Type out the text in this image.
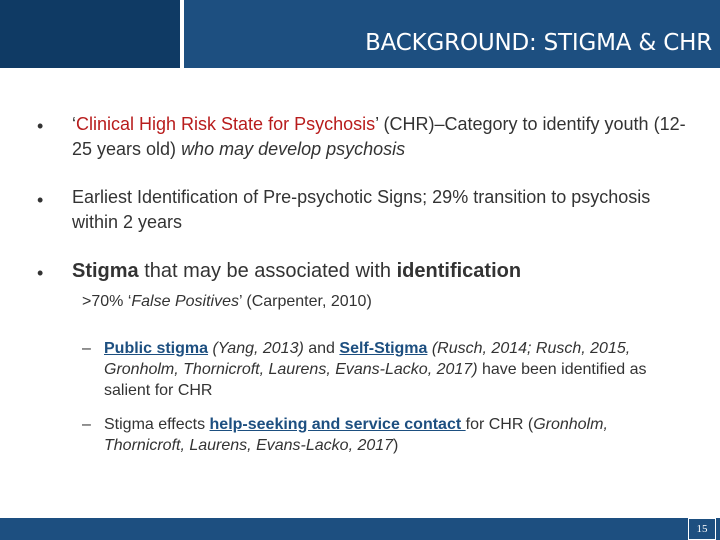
BACKGROUND: STIGMA & CHR
• ‘Clinical High Risk State for Psychosis’ (CHR)–Category to identify youth (12-25 years old) who may develop psychosis
• Earliest Identification of Pre-psychotic Signs; 29% transition to psychosis within 2 years
• Stigma that may be associated with identification
>70% ‘False Positives’ (Carpenter, 2010)
– Public stigma (Yang, 2013) and Self-Stigma (Rusch, 2014; Rusch, 2015, Gronholm, Thornicroft, Laurens, Evans-Lacko, 2017) have been identified as salient for CHR
– Stigma effects help-seeking and service contact for CHR (Gronholm, Thornicroft, Laurens, Evans-Lacko, 2017)
15
